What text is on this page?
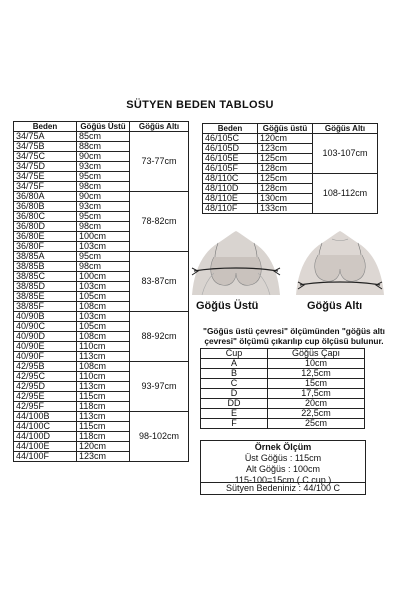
SÜTYEN BEDEN TABLOSU
Beden	Göğüs Üstü	Göğüs Altı
34/75A	85cm	73-77cm
34/75B	88cm	
34/75C	90cm	
34/75D	93cm	
34/75E	95cm	
34/75F	98cm	
36/80A	90cm	78-82cm
36/80B	93cm	
36/80C	95cm	
36/80D	98cm	
36/80E	100cm	
36/80F	103cm	
38/85A	95cm	83-87cm
38/85B	98cm	
38/85C	100cm	
38/85D	103cm	
38/85E	105cm	
38/85F	108cm	
40/90B	103cm	88-92cm
40/90C	105cm	
40/90D	108cm	
40/90E	110cm	
40/90F	113cm	
42/95B	108cm	93-97cm
42/95C	110cm	
42/95D	113cm	
42/95E	115cm	
42/95F	118cm	
44/100B	113cm	98-102cm
44/100C	115cm	
44/100D	118cm	
44/100E	120cm	
44/100F	123cm	
Beden	Göğüs üstü	Göğüs Altı
46/105C	120cm	103-107cm
46/105D	123cm	
46/105E	125cm	
46/105F	128cm	
48/110C	125cm	108-112cm
48/110D	128cm	
48/110E	130cm	
48/110F	133cm	
Göğüs Üstü	Göğüs Altı
"Göğüs üstü çevresi" ölçümünden "göğüs altı çevresi" ölçümü çıkarılıp cup ölçüsü bulunur.
Cup	Göğüs Çapı
A	10cm
B	12,5cm
C	15cm
D	17,5cm
DD	20cm
E	22,5cm
F	25cm
Örnek Ölçüm
Üst Göğüs : 115cm
Alt Göğüs : 100cm
115-100=15cm ( C cup )
Sütyen Bedeniniz : 44/100 C
